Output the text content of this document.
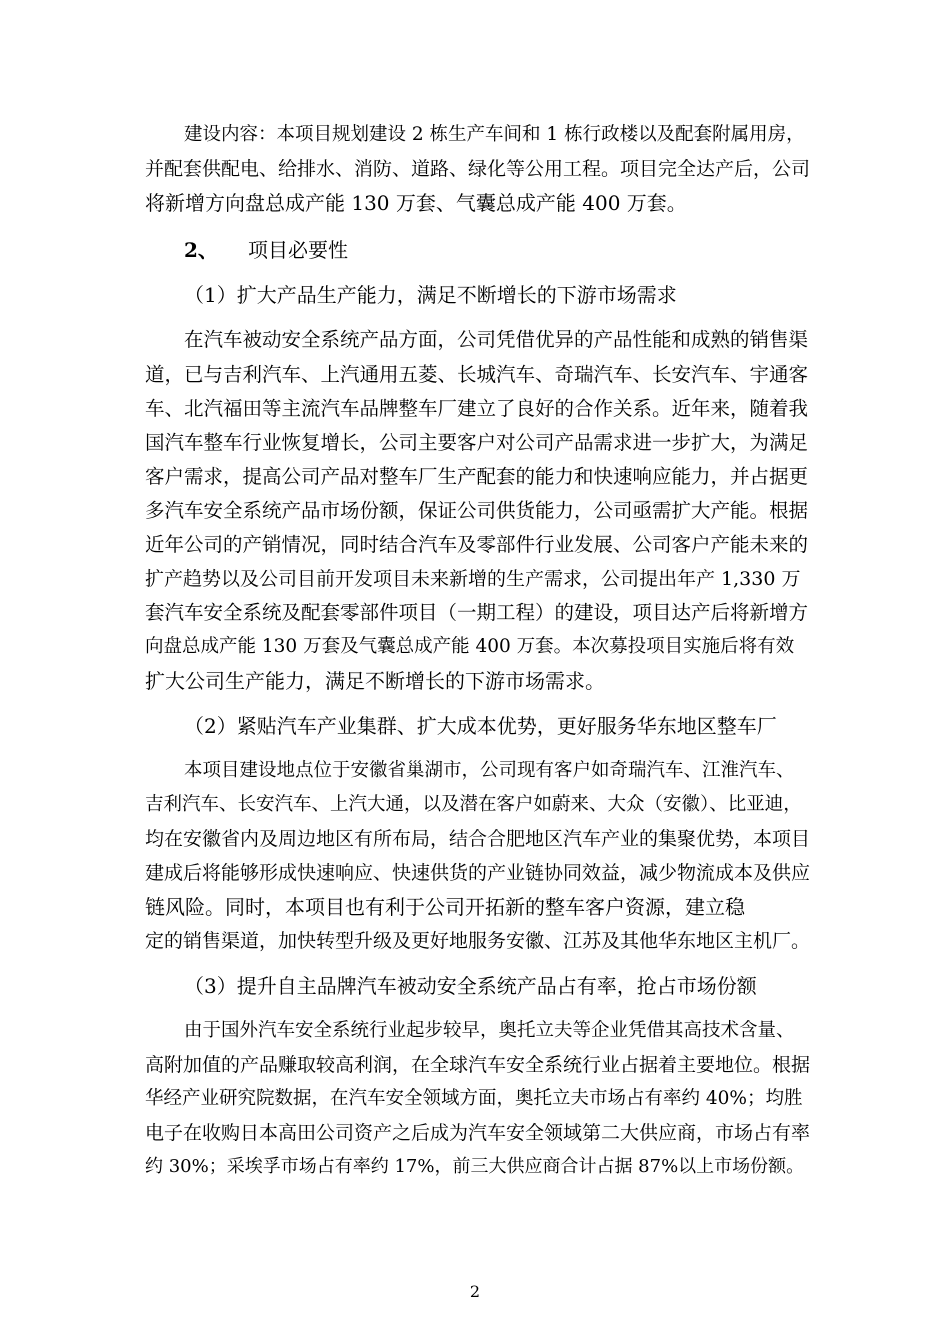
建设内容：本项目规划建设 2 栋生产车间和 1 栋行政楼以及配套附属用房，

并配套供配电、给排水、消防、道路、绿化等公用工程。项目完全达产后，公司

将新增方向盘总成产能 130 万套、气囊总成产能 400 万套。

2、 项目必要性

（1）扩大产品生产能力，满足不断增长的下游市场需求

在汽车被动安全系统产品方面，公司凭借优异的产品性能和成熟的销售渠

道，已与吉利汽车、上汽通用五菱、长城汽车、奇瑞汽车、长安汽车、宇通客

车、北汽福田等主流汽车品牌整车厂建立了良好的合作关系。近年来，随着我

国汽车整车行业恢复增长，公司主要客户对公司产品需求进一步扩大，为满足

客户需求，提高公司产品对整车厂生产配套的能力和快速响应能力，并占据更

多汽车安全系统产品市场份额，保证公司供货能力，公司亟需扩大产能。根据

近年公司的产销情况，同时结合汽车及零部件行业发展、公司客户产能未来的

扩产趋势以及公司目前开发项目未来新增的生产需求，公司提出年产 1,330 万

套汽车安全系统及配套零部件项目（一期工程）的建设，项目达产后将新增方

向盘总成产能 130 万套及气囊总成产能 400 万套。本次募投项目实施后将有效

扩大公司生产能力，满足不断增长的下游市场需求。

（2）紧贴汽车产业集群、扩大成本优势，更好服务华东地区整车厂

本项目建设地点位于安徽省巢湖市，公司现有客户如奇瑞汽车、江淮汽车、

吉利汽车、长安汽车、上汽大通，以及潜在客户如蔚来、大众（安徽）、比亚迪，

均在安徽省内及周边地区有所布局，结合合肥地区汽车产业的集聚优势，本项目

建成后将能够形成快速响应、快速供货的产业链协同效益，减少物流成本及供应

链风险。同时，本项目也有利于公司开拓新的整车客户资源，建立稳

定的销售渠道，加快转型升级及更好地服务安徽、江苏及其他华东地区主机厂。

（3）提升自主品牌汽车被动安全系统产品占有率，抢占市场份额

由于国外汽车安全系统行业起步较早，奥托立夫等企业凭借其高技术含量、

高附加值的产品赚取较高利润，在全球汽车安全系统行业占据着主要地位。根据

华经产业研究院数据，在汽车安全领域方面，奥托立夫市场占有率约 40%；均胜

电子在收购日本高田公司资产之后成为汽车安全领域第二大供应商，市场占有率

约 30%；采埃孚市场占有率约 17%，前三大供应商合计占据 87%以上市场份额。

2
